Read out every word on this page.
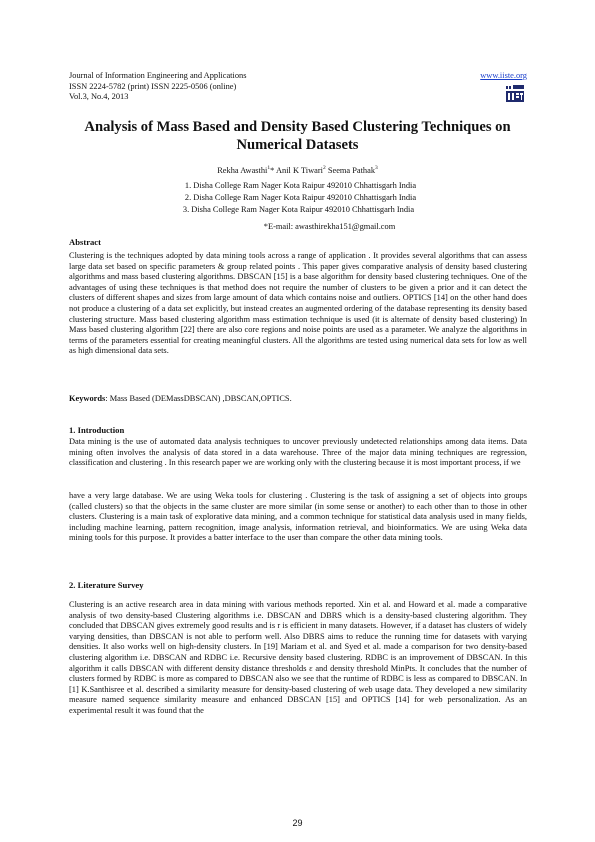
Journal of Information Engineering and Applications
ISSN 2224-5782 (print) ISSN 2225-0506 (online)
Vol.3, No.4, 2013
www.iiste.org
Analysis of Mass Based and Density Based Clustering Techniques on Numerical Datasets
Rekha Awasthi$^1$* Anil K Tiwari$^2$ Seema Pathak$^3$
1. Disha College Ram Nager Kota Raipur 492010 Chhattisgarh India
2. Disha College Ram Nager Kota Raipur 492010 Chhattisgarh India
3. Disha College Ram Nager Kota Raipur 492010 Chhattisgarh India
*E-mail: awasthirekha151@gmail.com
Abstract

Clustering is the techniques adopted by data mining tools across a range of application . It provides several algorithms that can assess large data set based on specific parameters & group related points . This paper gives comparative analysis of density based clustering algorithms and mass based clustering algorithms. DBSCAN [15] is a base algorithm for density based clustering techniques. One of the advantages of using these techniques is that method does not require the number of clusters to be given a prior and it can detect the clusters of different shapes and sizes from large amount of data which contains noise and outliers. OPTICS [14] on the other hand does not produce a clustering of a data set explicitly, but instead creates an augmented ordering of the database representing its density based clustering structure. Mass based clustering algorithm mass estimation technique is used (it is alternate of density based clustering) In Mass based clustering algorithm [22] there are also core regions and noise points are used as a parameter. We analyze the algorithms in terms of the parameters essential for creating meaningful clusters. All the algorithms are tested using numerical data sets for low as well as high dimensional data sets.

Keywords: Mass Based (DEMassDBSCAN) ,DBSCAN,OPTICS.
1. Introduction

Data mining is the use of automated data analysis techniques to uncover previously undetected relationships among data items. Data mining often involves the analysis of data stored in a data warehouse. Three of the major data mining techniques are regression, classification and clustering . In this research paper we are working only with the clustering because it is most important process, if we

have a very large database. We are using Weka tools for clustering . Clustering is the task of assigning a set of objects into groups (called clusters) so that the objects in the same cluster are more similar (in some sense or another) to each other than to those in other clusters. Clustering is a main task of explorative data mining, and a common technique for statistical data analysis used in many fields, including machine learning, pattern recognition, image analysis, information retrieval, and bioinformatics. We are using Weka data mining tools for this purpose. It provides a batter interface to the user than compare the other data mining tools.

2. Literature Survey

Clustering is an active research area in data mining with various methods reported. Xin et al. and Howard et al. made a comparative analysis of two density-based Clustering algorithms i.e. DBSCAN and DBRS which is a density-based clustering algorithm. They concluded that DBSCAN gives extremely good results and is r is efficient in many datasets. However, if a dataset has clusters of widely varying densities, than DBSCAN is not able to perform well. Also DBRS aims to reduce the running time for datasets with varying densities. It also works well on high-density clusters. In [19] Mariam et al. and Syed et al. made a comparison for two density-based clustering algorithm i.e. DBSCAN and RDBC i.e. Recursive density based clustering. RDBC is an improvement of DBSCAN. In this algorithm it calls DBSCAN with different density distance thresholds ε and density threshold MinPts. It concludes that the number of clusters formed by RDBC is more as compared to DBSCAN also we see that the runtime of RDBC is less as compared to DBSCAN. In [1] K.Santhisree et al. described a similarity measure for density-based clustering of web usage data. They developed a new similarity measure named sequence similarity measure and enhanced DBSCAN [15] and OPTICS [14] for web personalization. As an experimental result it was found that the

29
